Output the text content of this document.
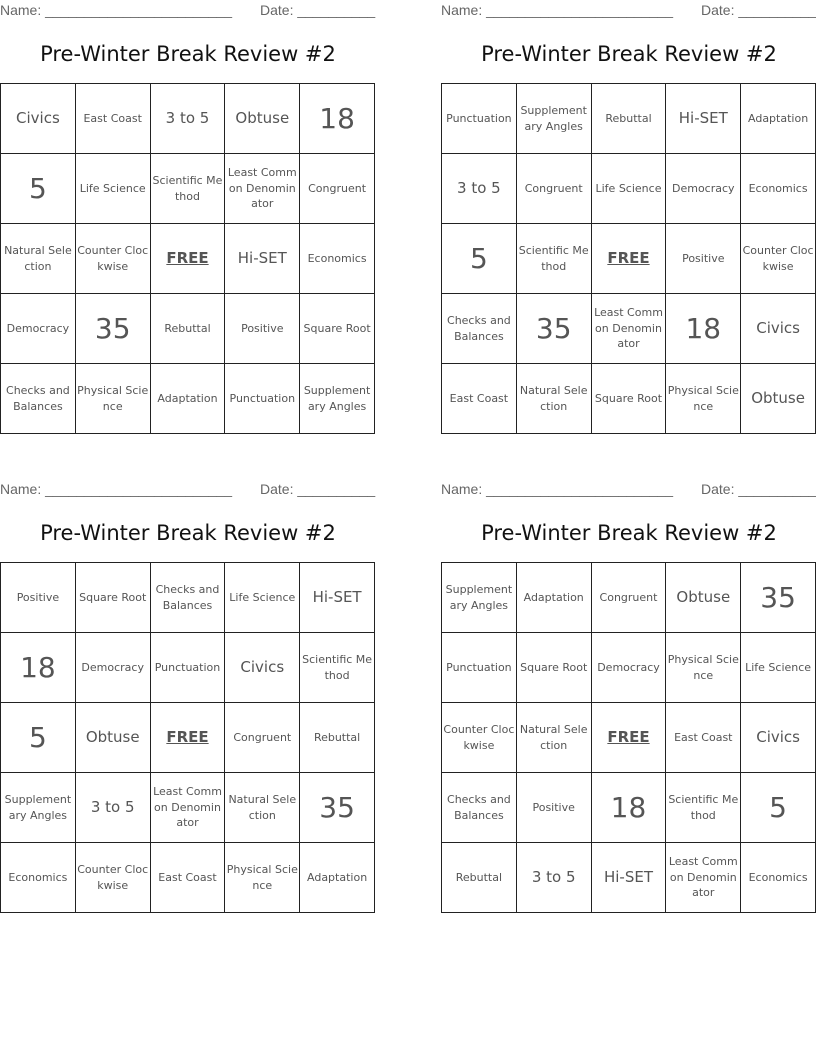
Name: ________________________ Date: __________
Pre-Winter Break Review #2
Civics	East Coast	3 to 5	Obtuse	18
5	Life Science	Scientific Method	Least Common Denominator	Congruent
Natural Selection	Counter Clockwise	FREE	Hi-SET	Economics
Democracy	35	Rebuttal	Positive	Square Root
Checks and Balances	Physical Science	Adaptation	Punctuation	Supplementary Angles
Name: ________________________ Date: __________
Pre-Winter Break Review #2
Punctuation	Supplementary Angles	Rebuttal	Hi-SET	Adaptation
3 to 5	Congruent	Life Science	Democracy	Economics
5	Scientific Method	FREE	Positive	Counter Clockwise
Checks and Balances	35	Least Common Denominator	18	Civics
East Coast	Natural Selection	Square Root	Physical Science	Obtuse
Name: ________________________ Date: __________
Pre-Winter Break Review #2
Positive	Square Root	Checks and Balances	Life Science	Hi-SET
18	Democracy	Punctuation	Civics	Scientific Method
5	Obtuse	FREE	Congruent	Rebuttal
Supplementary Angles	3 to 5	Least Common Denominator	Natural Selection	35
Economics	Counter Clockwise	East Coast	Physical Science	Adaptation
Name: ________________________ Date: __________
Pre-Winter Break Review #2
Supplementary Angles	Adaptation	Congruent	Obtuse	35
Punctuation	Square Root	Democracy	Physical Science	Life Science
Counter Clockwise	Natural Selection	FREE	East Coast	Civics
Checks and Balances	Positive	18	Scientific Method	5
Rebuttal	3 to 5	Hi-SET	Least Common Denominator	Economics
